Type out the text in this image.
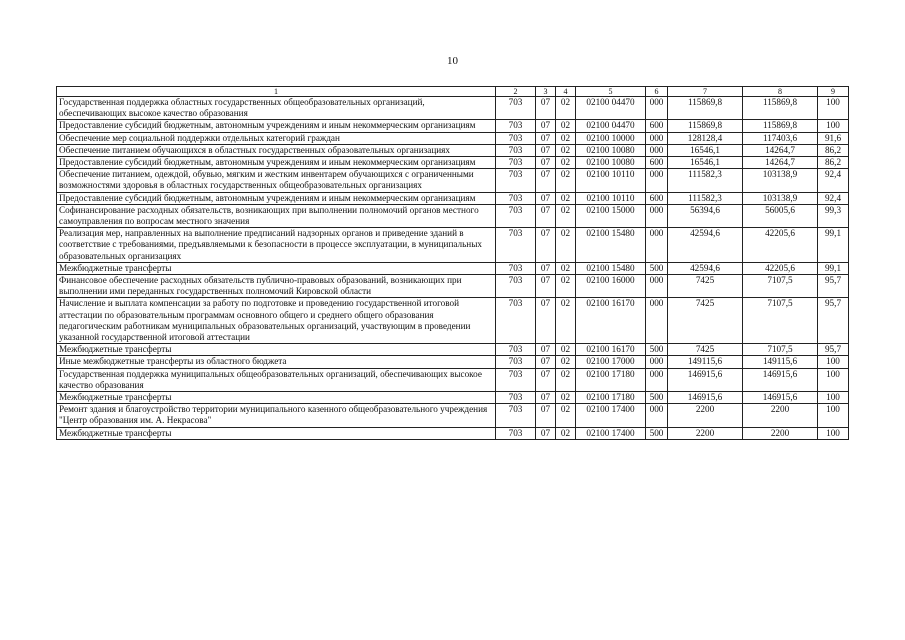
10
1	2	3	4	5	6	7	8	9
Государственная поддержка областных государственных общеобразовательных организаций, обеспечивающих высокое качество образования	703	07	02	02100 04470	000	115869,8	115869,8	100
Предоставление субсидий бюджетным, автономным учреждениям и иным некоммерческим организациям	703	07	02	02100 04470	600	115869,8	115869,8	100
Обеспечение мер социальной поддержки отдельных категорий граждан	703	07	02	02100 10000	000	128128,4	117403,6	91,6
Обеспечение питанием обучающихся в областных государственных образовательных организациях	703	07	02	02100 10080	000	16546,1	14264,7	86,2
Предоставление субсидий бюджетным, автономным учреждениям и иным некоммерческим организациям	703	07	02	02100 10080	600	16546,1	14264,7	86,2
Обеспечение питанием, одеждой, обувью, мягким и жестким инвентарем обучающихся с ограниченными возможностями здоровья в областных государственных общеобразовательных организациях	703	07	02	02100 10110	000	111582,3	103138,9	92,4
Предоставление субсидий бюджетным, автономным учреждениям и иным некоммерческим организациям	703	07	02	02100 10110	600	111582,3	103138,9	92,4
Софинансирование расходных обязательств, возникающих при выполнении полномочий органов местного самоуправления по вопросам местного значения	703	07	02	02100 15000	000	56394,6	56005,6	99,3
Реализация мер, направленных на выполнение предписаний надзорных органов и приведение зданий в соответствие с требованиями, предъявляемыми к безопасности в процессе эксплуатации, в муниципальных образовательных организациях	703	07	02	02100 15480	000	42594,6	42205,6	99,1
Межбюджетные трансферты	703	07	02	02100 15480	500	42594,6	42205,6	99,1
Финансовое обеспечение расходных обязательств публично-правовых образований, возникающих при выполнении ими переданных государственных полномочий Кировской области	703	07	02	02100 16000	000	7425	7107,5	95,7
Начисление и выплата компенсации за работу по подготовке и проведению государственной итоговой аттестации по образовательным программам основного общего и среднего общего образования педагогическим работникам муниципальных образовательных организаций, участвующим в проведении указанной государственной итоговой аттестации	703	07	02	02100 16170	000	7425	7107,5	95,7
Межбюджетные трансферты	703	07	02	02100 16170	500	7425	7107,5	95,7
Иные межбюджетные трансферты из областного бюджета	703	07	02	02100 17000	000	149115,6	149115,6	100
Государственная поддержка муниципальных общеобразовательных организаций, обеспечивающих высокое качество образования	703	07	02	02100 17180	000	146915,6	146915,6	100
Межбюджетные трансферты	703	07	02	02100 17180	500	146915,6	146915,6	100
Ремонт здания и благоустройство территории муниципального казенного общеобразовательного учреждения "Центр образования им. А. Некрасова"	703	07	02	02100 17400	000	2200	2200	100
Межбюджетные трансферты	703	07	02	02100 17400	500	2200	2200	100
